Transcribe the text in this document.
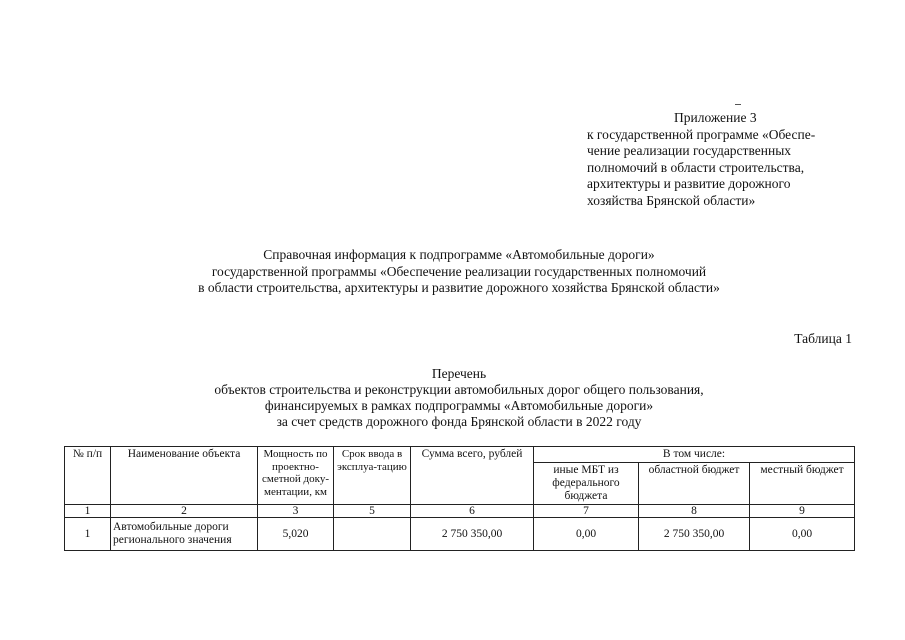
Приложение 3
к государственной программе «Обеспе-
чение реализации государственных
полномочий в области строительства,
архитектуры и развитие дорожного
хозяйства Брянской области»
Справочная информация к подпрограмме «Автомобильные дороги»
государственной программы «Обеспечение реализации государственных полномочий
в области строительства, архитектуры и развитие дорожного хозяйства Брянской области»
Таблица 1
Перечень
объектов строительства и реконструкции автомобильных дорог общего пользования,
финансируемых в рамках подпрограммы «Автомобильные дороги»
за счет средств дорожного фонда Брянской области в 2022 году
№ п/п	Наименование объекта	Мощность по проектно-сметной доку-ментации, км	Срок ввода в эксплуа-тацию	Сумма всего, рублей	В том числе:		
					иные МБТ из федерального бюджета	областной бюджет	местный бюджет
1	2	3	5	6	7	8	9
1	Автомобильные дороги регионального значения	5,020		2 750 350,00	0,00	2 750 350,00	0,00
